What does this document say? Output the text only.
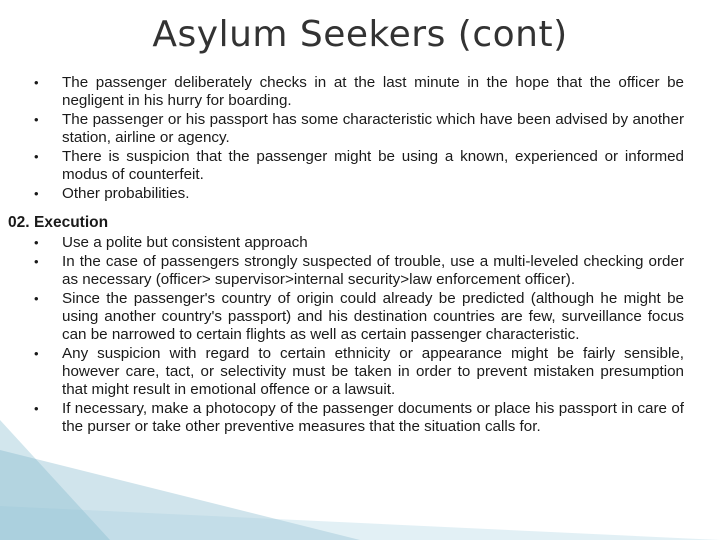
Asylum Seekers (cont)
• The passenger deliberately checks in at the last minute in the hope that the officer be negligent in his hurry for boarding.
• The passenger or his passport has some characteristic which have been advised by another station, airline or agency.
• There is suspicion that the passenger might be using a known, experienced or informed modus of counterfeit.
• Other probabilities.
02. Execution
• Use a polite but consistent approach
• In the case of passengers strongly suspected of trouble, use a multi-leveled checking order as necessary (officer> supervisor>internal security>law enforcement officer).
• Since the passenger's country of origin could already be predicted (although he might be using another country's passport) and his destination countries are few, surveillance focus can be narrowed to certain flights as well as certain passenger characteristic.
• Any suspicion with regard to certain ethnicity or appearance might be fairly sensible, however care, tact, or selectivity must be taken in order to prevent mistaken presumption that might result in emotional offence or a lawsuit.
• If necessary, make a photocopy of the passenger documents or place his passport in care of the purser or take other preventive measures that the situation calls for.
